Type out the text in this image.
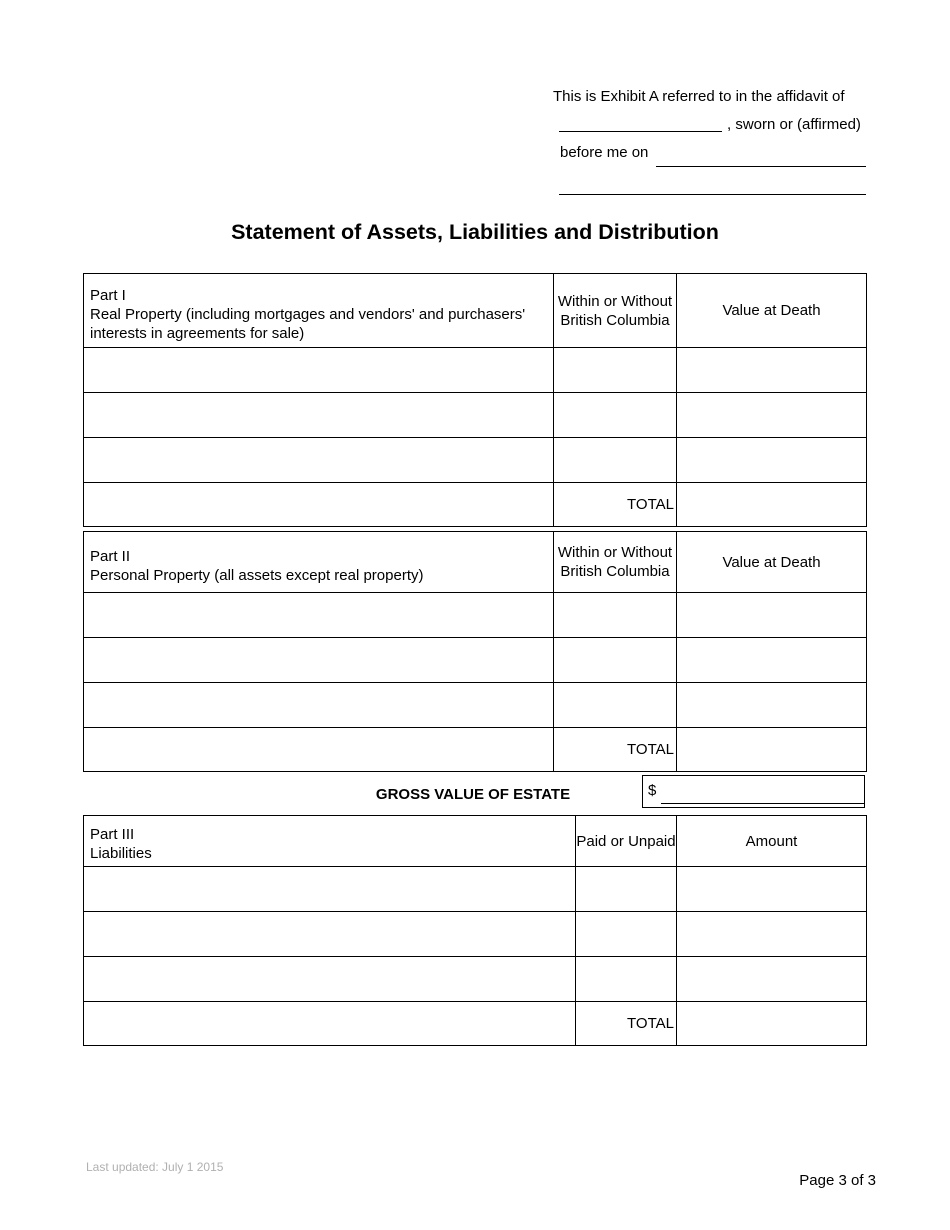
This is Exhibit A referred to in the affidavit of
, sworn or (affirmed)
before me on
Statement of Assets, Liabilities and Distribution
Part I
Real Property (including mortgages and vendors' and purchasers' interests in agreements for sale)	Within or Without British Columbia	Value at Death

	TOTAL	
Part II
Personal Property (all assets except real property)	Within or Without British Columbia	Value at Death

	TOTAL	
GROSS VALUE OF ESTATE	$
Part III
Liabilities	Paid or Unpaid	Amount

	TOTAL	
Last updated: July 1 2015
Page 3 of 3
